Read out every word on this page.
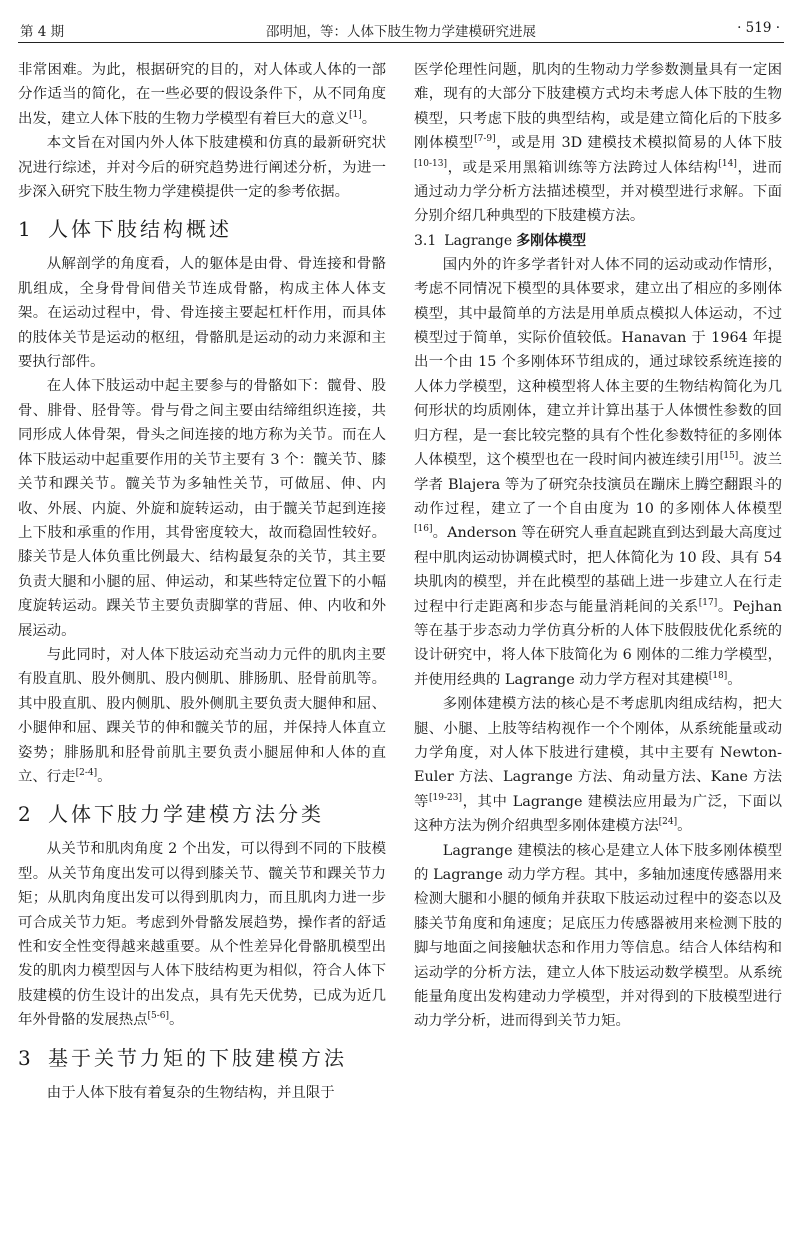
第 4 期	邵明旭，等：人体下肢生物力学建模研究进展	· 519 ·

非常困难。为此，根据研究的目的，对人体或人体的一部分作适当的简化，在一些必要的假设条件下，从不同角度出发，建立人体下肢的生物力学模型有着巨大的意义[1]。

本文旨在对国内外人体下肢建模和仿真的最新研究状况进行综述，并对今后的研究趋势进行阐述分析，为进一步深入研究下肢生物力学建模提供一定的参考依据。

1 人体下肢结构概述

从解剖学的角度看，人的躯体是由骨、骨连接和骨骼肌组成，全身骨骨间借关节连成骨骼，构成主体人体支架。在运动过程中，骨、骨连接主要起杠杆作用，而具体的肢体关节是运动的枢纽，骨骼肌是运动的动力来源和主要执行部件。

在人体下肢运动中起主要参与的骨骼如下：髋骨、股骨、腓骨、胫骨等。骨与骨之间主要由结缔组织连接，共同形成人体骨架，骨头之间连接的地方称为关节。而在人体下肢运动中起重要作用的关节主要有 3 个：髋关节、膝关节和踝关节。髋关节为多轴性关节，可做屈、伸、内收、外展、内旋、外旋和旋转运动，由于髋关节起到连接上下肢和承重的作用，其骨密度较大，故而稳固性较好。膝关节是人体负重比例最大、结构最复杂的关节，其主要负责大腿和小腿的屈、伸运动，和某些特定位置下的小幅度旋转运动。踝关节主要负责脚掌的背屈、伸、内收和外展运动。

与此同时，对人体下肢运动充当动力元件的肌肉主要有股直肌、股外侧肌、股内侧肌、腓肠肌、胫骨前肌等。其中股直肌、股内侧肌、股外侧肌主要负责大腿伸和屈、小腿伸和屈、踝关节的伸和髋关节的屈，并保持人体直立姿势；腓肠肌和胫骨前肌主要负责小腿屈伸和人体的直立、行走[2-4]。

2 人体下肢力学建模方法分类

从关节和肌肉角度 2 个出发，可以得到不同的下肢模型。从关节角度出发可以得到膝关节、髋关节和踝关节力矩；从肌肉角度出发可以得到肌肉力，而且肌肉力进一步可合成关节力矩。考虑到外骨骼发展趋势，操作者的舒适性和安全性变得越来越重要。从个性差异化骨骼肌模型出发的肌肉力模型因与人体下肢结构更为相似，符合人体下肢建模的仿生设计的出发点，具有先天优势，已成为近几年外骨骼的发展热点[5-6]。

3 基于关节力矩的下肢建模方法

由于人体下肢有着复杂的生物结构，并且限于

医学伦理性问题，肌肉的生物动力学参数测量具有一定困难，现有的大部分下肢建模方式均未考虑人体下肢的生物模型，只考虑下肢的典型结构，或是建立简化后的下肢多刚体模型[7-9]，或是用 3D 建模技术模拟简易的人体下肢[10-13]，或是采用黑箱训练等方法跨过人体结构[14]，进而通过动力学分析方法描述模型，并对模型进行求解。下面分别介绍几种典型的下肢建模方法。

3.1 Lagrange 多刚体模型

国内外的许多学者针对人体不同的运动或动作情形，考虑不同情况下模型的具体要求，建立出了相应的多刚体模型，其中最简单的方法是用单质点模拟人体运动，不过模型过于简单，实际价值较低。Hanavan 于 1964 年提出一个由 15 个多刚体环节组成的，通过球铰系统连接的人体力学模型，这种模型将人体主要的生物结构简化为几何形状的均质刚体，建立并计算出基于人体惯性参数的回归方程，是一套比较完整的具有个性化参数特征的多刚体人体模型，这个模型也在一段时间内被连续引用[15]。波兰学者 Blajera 等为了研究杂技演员在蹦床上腾空翻跟斗的动作过程，建立了一个自由度为 10 的多刚体人体模型[16]。Anderson 等在研究人垂直起跳直到达到最大高度过程中肌肉运动协调模式时，把人体简化为 10 段、具有 54 块肌肉的模型，并在此模型的基础上进一步建立人在行走过程中行走距离和步态与能量消耗间的关系[17]。Pejhan 等在基于步态动力学仿真分析的人体下肢假肢优化系统的设计研究中，将人体下肢简化为 6 刚体的二维力学模型，并使用经典的 Lagrange 动力学方程对其建模[18]。

多刚体建模方法的核心是不考虑肌肉组成结构，把大腿、小腿、上肢等结构视作一个个刚体，从系统能量或动力学角度，对人体下肢进行建模，其中主要有 Newton-Euler 方法、Lagrange 方法、角动量方法、Kane 方法等[19-23]，其中 Lagrange 建模法应用最为广泛，下面以这种方法为例介绍典型多刚体建模方法[24]。

Lagrange 建模法的核心是建立人体下肢多刚体模型的 Lagrange 动力学方程。其中，多轴加速度传感器用来检测大腿和小腿的倾角并获取下肢运动过程中的姿态以及膝关节角度和角速度；足底压力传感器被用来检测下肢的脚与地面之间接触状态和作用力等信息。结合人体结构和运动学的分析方法，建立人体下肢运动数学模型。从系统能量角度出发构建动力学模型，并对得到的下肢模型进行动力学分析，进而得到关节力矩。
